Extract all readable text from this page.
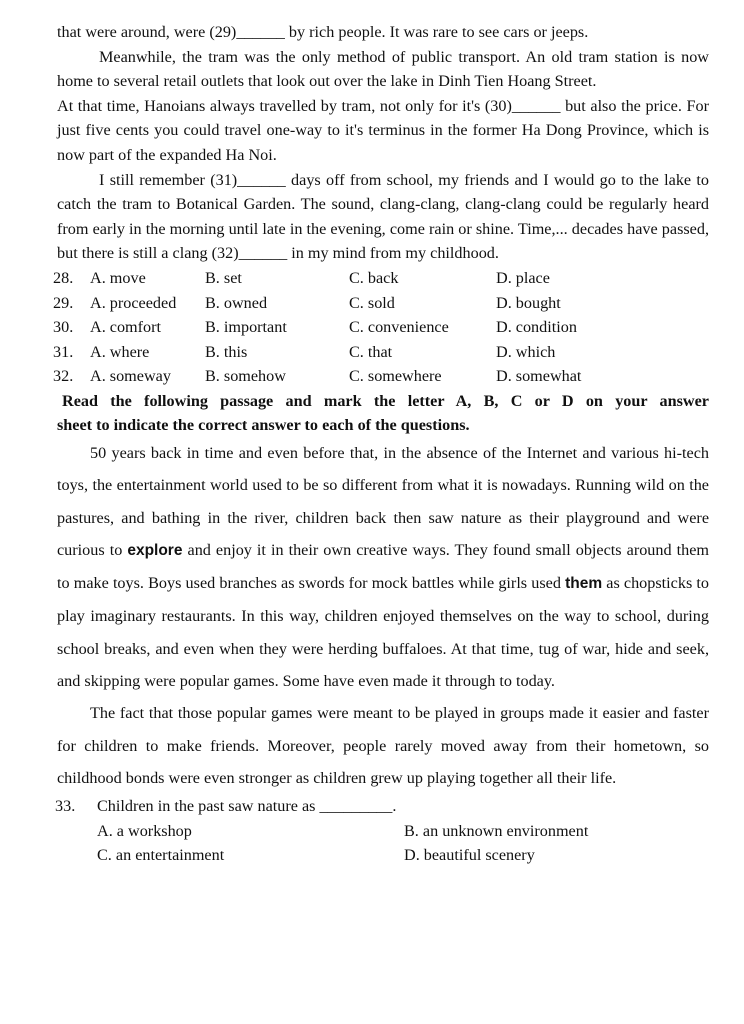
that were around, were (29)______ by rich people. It was rare to see cars or jeeps.

Meanwhile, the tram was the only method of public transport. An old tram station is now home to several retail outlets that look out over the lake in Dinh Tien Hoang Street.

At that time, Hanoians always travelled by tram, not only for it's (30)______ but also the price. For just five cents you could travel one-way to it's terminus in the former Ha Dong Province, which is now part of the expanded Ha Noi.

I still remember (31)______ days off from school, my friends and I would go to the lake to catch the tram to Botanical Garden. The sound, clang-clang, clang-clang could be regularly heard from early in the morning until late in the evening, come rain or shine. Time,... decades have passed, but there is still a clang (32)______ in my mind from my childhood.

28. A. move	B. set	C. back	D. place
29. A. proceeded B. owned	C. sold	D. bought
30. A. comfort	B. important	C. convenience	D. condition
31. A. where	B. this	C. that	D. which
32. A. someway B. somehow	C. somewhere	D. somewhat

Read the following passage and mark the letter A, B, C or D on your answer
sheet to indicate the correct answer to each of the questions.

50 years back in time and even before that, in the absence of the Internet and various hi-tech toys, the entertainment world used to be so different from what it is nowadays. Running wild on the pastures, and bathing in the river, children back then saw nature as their playground and were curious to explore and enjoy it in their own creative ways. They found small objects around them to make toys. Boys used branches as swords for mock battles while girls used them as chopsticks to play imaginary restaurants. In this way, children enjoyed themselves on the way to school, during school breaks, and even when they were herding buffaloes. At that time, tug of war, hide and seek, and skipping were popular games. Some have even made it through to today.

The fact that those popular games were meant to be played in groups made it easier and faster for children to make friends. Moreover, people rarely moved away from their hometown, so childhood bonds were even stronger as children grew up playing together all their life.

33. Children in the past saw nature as _________.
A. a workshop	B. an unknown environment
C. an entertainment	D. beautiful scenery
